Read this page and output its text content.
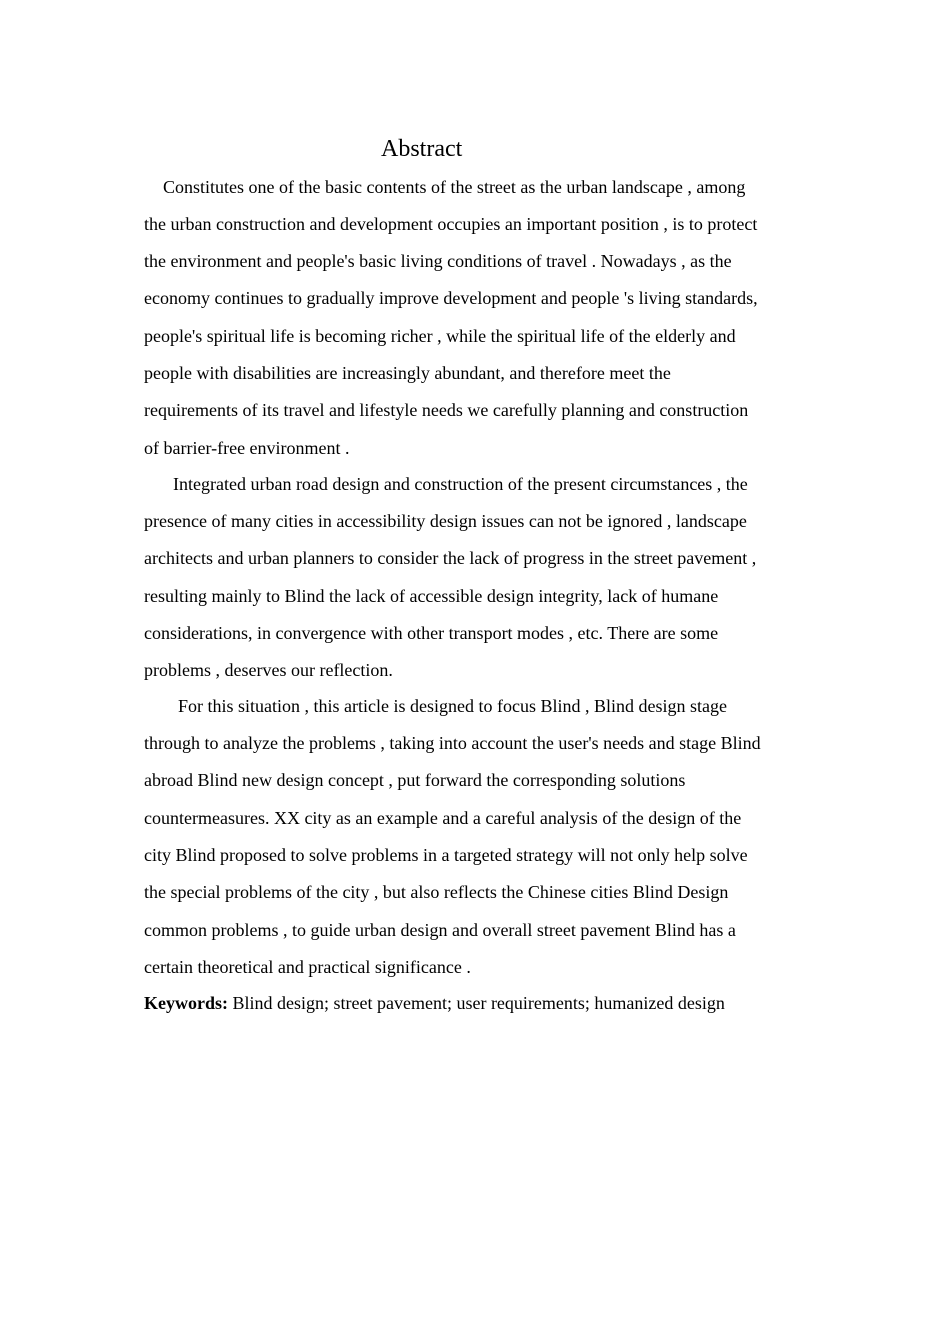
Abstract

Constitutes one of the basic contents of the street as the urban landscape , among

the urban construction and development occupies an important position , is to protect

the environment and people's basic living conditions of travel . Nowadays , as the

economy continues to gradually improve development and people 's living standards,

people's spiritual life is becoming richer , while the spiritual life of the elderly and

people with disabilities are increasingly abundant, and therefore meet the

requirements of its travel and lifestyle needs we carefully planning and construction

of barrier-free environment .

Integrated urban road design and construction of the present circumstances , the

presence of many cities in accessibility design issues can not be ignored , landscape

architects and urban planners to consider the lack of progress in the street pavement ,

resulting mainly to Blind the lack of accessible design integrity, lack of humane

considerations, in convergence with other transport modes , etc. There are some

problems , deserves our reflection.

For this situation , this article is designed to focus Blind , Blind design stage

through to analyze the problems , taking into account the user's needs and stage Blind

abroad Blind new design concept , put forward the corresponding solutions

countermeasures. XX city as an example and a careful analysis of the design of the

city Blind proposed to solve problems in a targeted strategy will not only help solve

the special problems of the city , but also reflects the Chinese cities Blind Design

common problems , to guide urban design and overall street pavement Blind has a

certain theoretical and practical significance .

Keywords: Blind design; street pavement; user requirements; humanized design
